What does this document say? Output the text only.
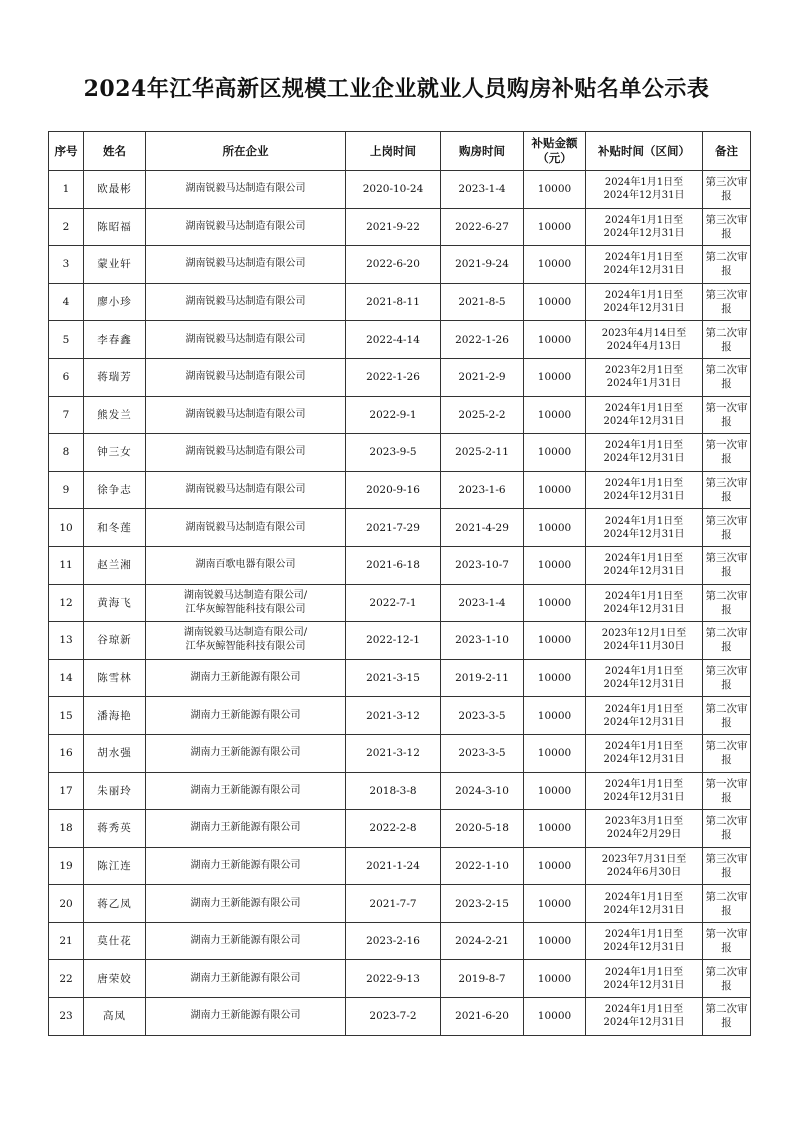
2024年江华高新区规模工业企业就业人员购房补贴名单公示表
序号	姓名	所在企业	上岗时间	购房时间	补贴金额
（元）	补贴时间（区间）	备注
1	欧最彬	湖南锐毅马达制造有限公司	2020-10-24	2023-1-4	10000	2024年1月1日至
2024年12月31日	第三次审
报

2	陈昭福	湖南锐毅马达制造有限公司	2021-9-22	2022-6-27	10000	2024年1月1日至
2024年12月31日	第三次审
报

3	蒙业轩	湖南锐毅马达制造有限公司	2022-6-20	2021-9-24	10000	2024年1月1日至
2024年12月31日	第二次审
报

4	廖小珍	湖南锐毅马达制造有限公司	2021-8-11	2021-8-5	10000	2024年1月1日至
2024年12月31日	第三次审
报

5	李春鑫	湖南锐毅马达制造有限公司	2022-4-14	2022-1-26	10000	2023年4月14日至
2024年4月13日	第二次审
报

6	蒋瑞芳	湖南锐毅马达制造有限公司	2022-1-26	2021-2-9	10000	2023年2月1日至
2024年1月31日	第二次审
报

7	熊发兰	湖南锐毅马达制造有限公司	2022-9-1	2025-2-2	10000	2024年1月1日至
2024年12月31日	第一次审
报

8	钟三女	湖南锐毅马达制造有限公司	2023-9-5	2025-2-11	10000	2024年1月1日至
2024年12月31日	第一次审
报

9	徐争志	湖南锐毅马达制造有限公司	2020-9-16	2023-1-6	10000	2024年1月1日至
2024年12月31日	第三次审
报

10	和冬莲	湖南锐毅马达制造有限公司	2021-7-29	2021-4-29	10000	2024年1月1日至
2024年12月31日	第三次审
报

11	赵兰湘	湖南百歌电器有限公司	2021-6-18	2023-10-7	10000	2024年1月1日至
2024年12月31日	第三次审
报

12	黄海飞	湖南锐毅马达制造有限公司/
江华灰鲸智能科技有限公司	2022-7-1	2023-1-4	10000	2024年1月1日至
2024年12月31日	第二次审
报

13	谷琼新	湖南锐毅马达制造有限公司/
江华灰鲸智能科技有限公司	2022-12-1	2023-1-10	10000	2023年12月1日至
2024年11月30日	第二次审
报

14	陈雪林	湖南力王新能源有限公司	2021-3-15	2019-2-11	10000	2024年1月1日至
2024年12月31日	第三次审
报

15	潘海艳	湖南力王新能源有限公司	2021-3-12	2023-3-5	10000	2024年1月1日至
2024年12月31日	第二次审
报

16	胡水强	湖南力王新能源有限公司	2021-3-12	2023-3-5	10000	2024年1月1日至
2024年12月31日	第二次审
报

17	朱丽玲	湖南力王新能源有限公司	2018-3-8	2024-3-10	10000	2024年1月1日至
2024年12月31日	第一次审
报

18	蒋秀英	湖南力王新能源有限公司	2022-2-8	2020-5-18	10000	2023年3月1日至
2024年2月29日	第二次审
报

19	陈江连	湖南力王新能源有限公司	2021-1-24	2022-1-10	10000	2023年7月31日至
2024年6月30日	第三次审
报

20	蒋乙凤	湖南力王新能源有限公司	2021-7-7	2023-2-15	10000	2024年1月1日至
2024年12月31日	第二次审
报

21	莫仕花	湖南力王新能源有限公司	2023-2-16	2024-2-21	10000	2024年1月1日至
2024年12月31日	第一次审
报

22	唐荣姣	湖南力王新能源有限公司	2022-9-13	2019-8-7	10000	2024年1月1日至
2024年12月31日	第二次审
报

23	高凤	湖南力王新能源有限公司	2023-7-2	2021-6-20	10000	2024年1月1日至
2024年12月31日	第二次审
报
